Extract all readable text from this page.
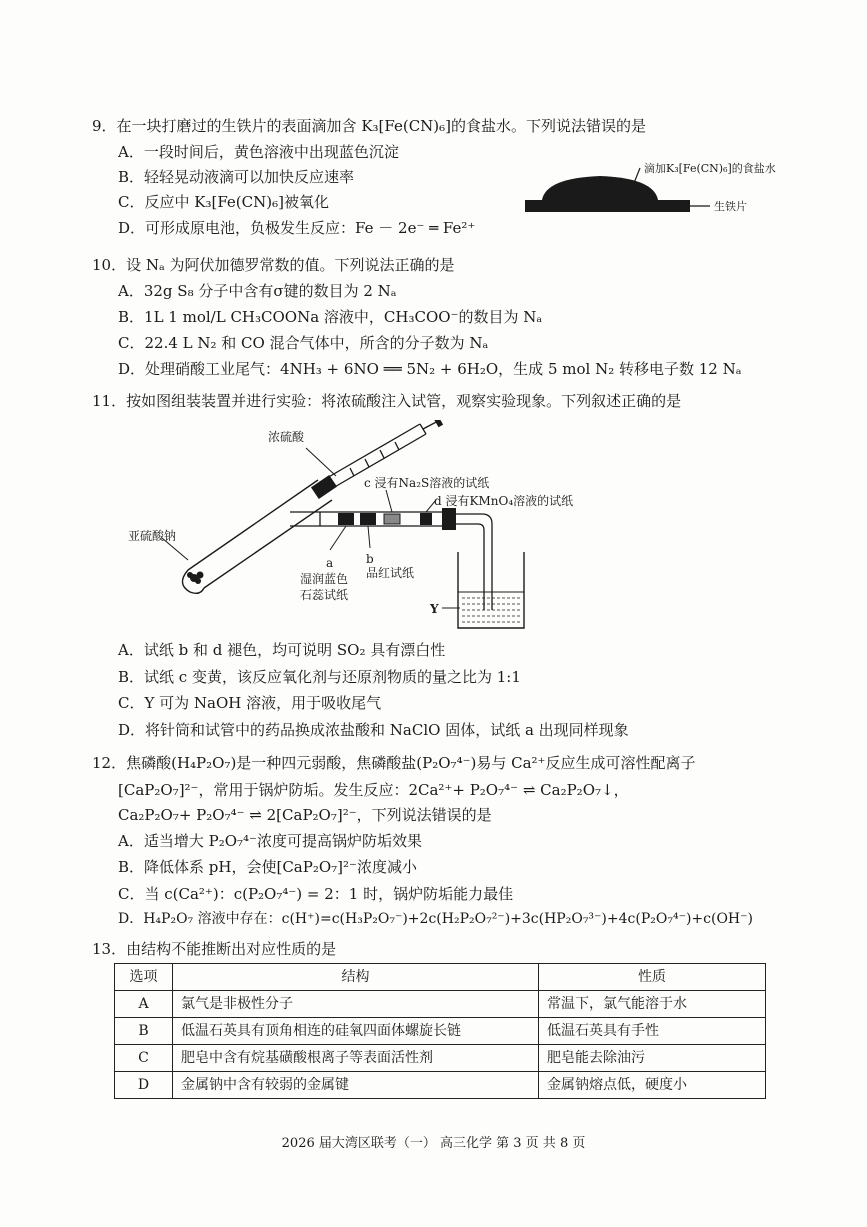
9．在一块打磨过的生铁片的表面滴加含 K₃[Fe(CN)₆]的食盐水。下列说法错误的是
A．一段时间后，黄色溶液中出现蓝色沉淀
B．轻轻晃动液滴可以加快反应速率
C．反应中 K₃[Fe(CN)₆]被氧化
D．可形成原电池，负极发生反应：Fe － 2e⁻ ═ Fe²⁺
滴加K₃[Fe(CN)₆]的食盐水
生铁片
10．设 Nₐ 为阿伏加德罗常数的值。下列说法正确的是
A．32g S₈ 分子中含有σ键的数目为 2 Nₐ
B．1L 1 mol/L CH₃COONa 溶液中，CH₃COO⁻的数目为 Nₐ
C．22.4 L N₂ 和 CO 混合气体中，所含的分子数为 Nₐ
D．处理硝酸工业尾气：4NH₃ + 6NO ══ 5N₂ + 6H₂O，生成 5 mol N₂ 转移电子数 12 Nₐ
11．按如图组装装置并进行实验：将浓硫酸注入试管，观察实验现象。下列叙述正确的是
浓硫酸
亚硫酸钠
c 浸有Na₂S溶液的试纸
d 浸有KMnO₄溶液的试纸
a
湿润蓝色
石蕊试纸
b
品红试纸
Y
A．试纸 b 和 d 褪色，均可说明 SO₂ 具有漂白性
B．试纸 c 变黄，该反应氧化剂与还原剂物质的量之比为 1:1
C．Y 可为 NaOH 溶液，用于吸收尾气
D．将针筒和试管中的药品换成浓盐酸和 NaClO 固体，试纸 a 出现同样现象
12．焦磷酸(H₄P₂O₇)是一种四元弱酸，焦磷酸盐(P₂O₇⁴⁻)易与 Ca²⁺反应生成可溶性配离子
[CaP₂O₇]²⁻，常用于锅炉防垢。发生反应：2Ca²⁺+ P₂O₇⁴⁻ ⇌ Ca₂P₂O₇↓，
Ca₂P₂O₇+ P₂O₇⁴⁻ ⇌ 2[CaP₂O₇]²⁻，下列说法错误的是
A．适当增大 P₂O₇⁴⁻浓度可提高锅炉防垢效果
B．降低体系 pH，会使[CaP₂O₇]²⁻浓度减小
C．当 c(Ca²⁺)：c(P₂O₇⁴⁻) = 2：1 时，锅炉防垢能力最佳
D．H₄P₂O₇ 溶液中存在：c(H⁺)=c(H₃P₂O₇⁻)+2c(H₂P₂O₇²⁻)+3c(HP₂O₇³⁻)+4c(P₂O₇⁴⁻)+c(OH⁻)
13．由结构不能推断出对应性质的是
选项	结构	性质
A	氯气是非极性分子	常温下，氯气能溶于水
B	低温石英具有顶角相连的硅氧四面体螺旋长链	低温石英具有手性
C	肥皂中含有烷基磺酸根离子等表面活性剂	肥皂能去除油污
D	金属钠中含有较弱的金属键	金属钠熔点低，硬度小
2026 届大湾区联考（一） 高三化学 第 3 页 共 8 页
